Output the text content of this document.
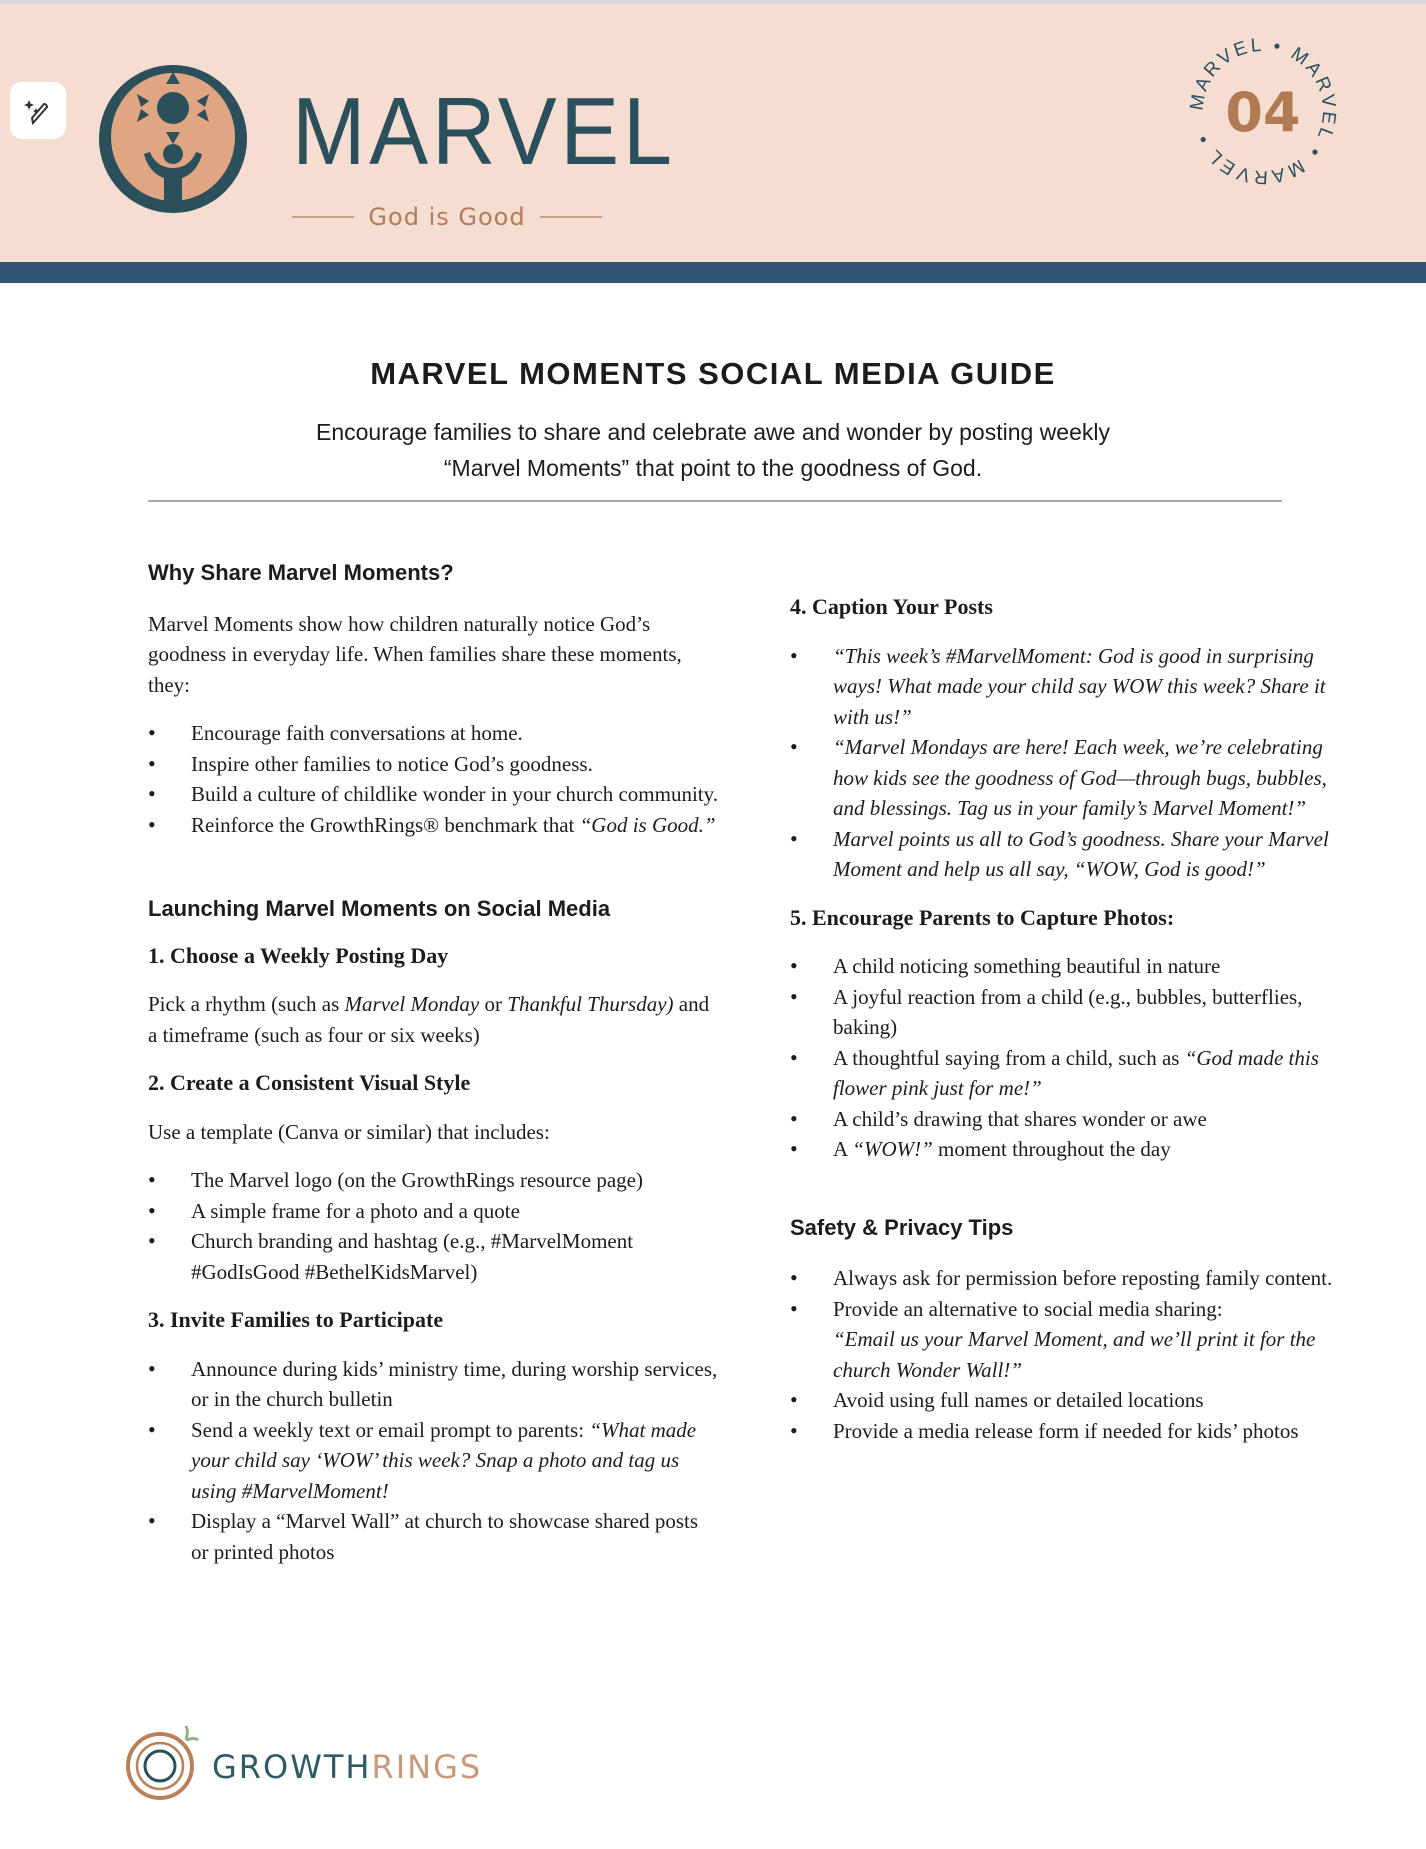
MARVEL
God is Good
MARVEL • MARVEL • MARVEL • 04
MARVEL MOMENTS SOCIAL MEDIA GUIDE
Encourage families to share and celebrate awe and wonder by posting weekly
“Marvel Moments” that point to the goodness of God.
Why Share Marvel Moments?

Marvel Moments show how children naturally notice God’s goodness in everyday life. When families share these moments, they:

• Encourage faith conversations at home.
• Inspire other families to notice God’s goodness.
• Build a culture of childlike wonder in your church community.
• Reinforce the GrowthRings® benchmark that “God is Good.”
Launching Marvel Moments on Social Media
1. Choose a Weekly Posting Day

Pick a rhythm (such as Marvel Monday or Thankful Thursday) and a timeframe (such as four or six weeks)

2. Create a Consistent Visual Style

Use a template (Canva or similar) that includes:

• The Marvel logo (on the GrowthRings resource page)
• A simple frame for a photo and a quote
• Church branding and hashtag (e.g., #MarvelMoment #GodIsGood #BethelKidsMarvel)
3. Invite Families to Participate
• Announce during kids’ ministry time, during worship services, or in the church bulletin
• Send a weekly text or email prompt to parents: “What made your child say ‘WOW’ this week? Snap a photo and tag us using #MarvelMoment!
• Display a “Marvel Wall” at church to showcase shared posts or printed photos
4. Caption Your Posts
• “This week’s #MarvelMoment: God is good in surprising ways! What made your child say WOW this week? Share it with us!”
• “Marvel Mondays are here! Each week, we’re celebrating how kids see the goodness of God—through bugs, bubbles, and blessings. Tag us in your family’s Marvel Moment!”
• Marvel points us all to God’s goodness. Share your Marvel Moment and help us all say, “WOW, God is good!”
5. Encourage Parents to Capture Photos:
• A child noticing something beautiful in nature
• A joyful reaction from a child (e.g., bubbles, butterflies, baking)
• A thoughtful saying from a child, such as “God made this flower pink just for me!”
• A child’s drawing that shares wonder or awe
• A “WOW!” moment throughout the day
Safety & Privacy Tips
• Always ask for permission before reposting family content.
• Provide an alternative to social media sharing:
“Email us your Marvel Moment, and we’ll print it for the church Wonder Wall!”
• Avoid using full names or detailed locations
• Provide a media release form if needed for kids’ photos
GROWTHRINGS
